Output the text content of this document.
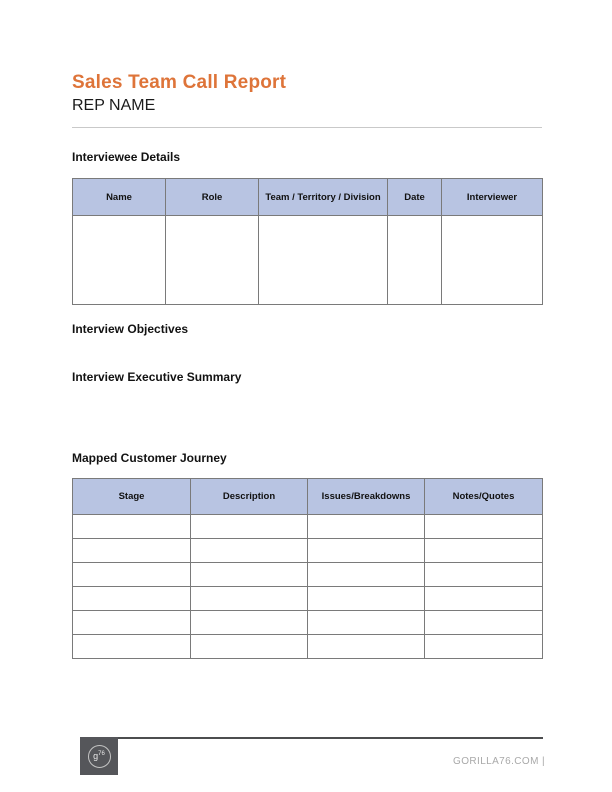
Sales Team Call Report
REP NAME
Interviewee Details
Name	Role	Team / Territory / Division	Date	Interviewer

Interview Objectives
Interview Executive Summary
Mapped Customer Journey
Stage	Description	Issues/Breakdowns	Notes/Quotes

g 76
GORILLA76.COM |
